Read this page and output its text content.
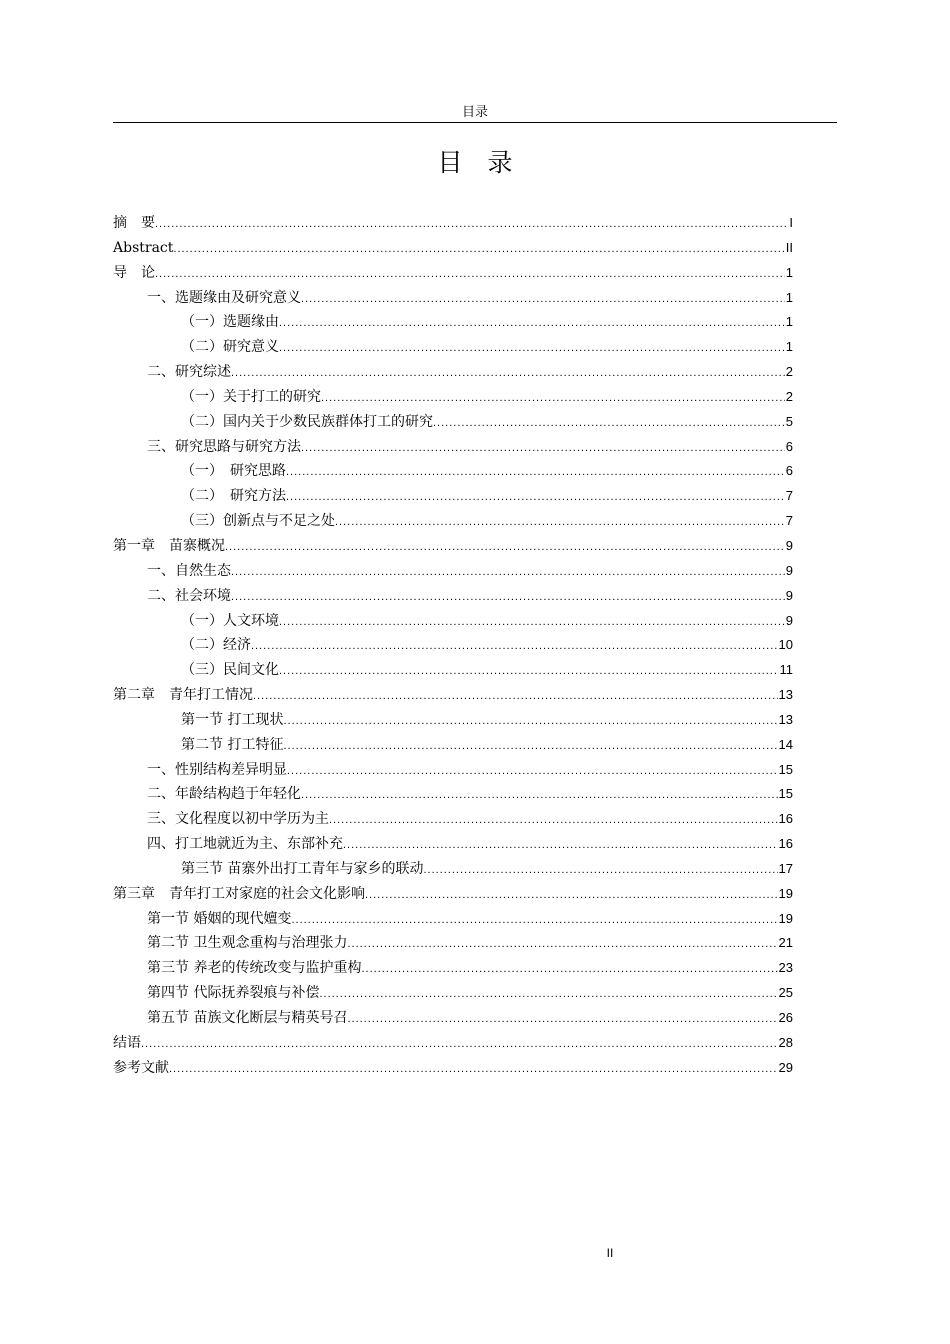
目录
目　录
摘　要 .....	I
Abstract .....	II
导　论 .....	1
一、选题缘由及研究意义 .....	1
（一）选题缘由 .....	1
（二）研究意义 .....	1
二、研究综述 .....	2
（一）关于打工的研究 .....	2
（二）国内关于少数民族群体打工的研究 .....	5
三、研究思路与研究方法 .....	6
（一）　研究思路 .....	6
（二）　研究方法 .....	7
（三）创新点与不足之处 .....	7
第一章　苗寨概况 .....	9
一、自然生态 .....	9
二、社会环境 .....	9
（一）人文环境 .....	9
（二）经济 .....	10
（三）民间文化 .....	11
第二章　青年打工情况 .....	13
第一节 打工现状 .....	13
第二节 打工特征 .....	14
一、性别结构差异明显 .....	15
二、年龄结构趋于年轻化 .....	15
三、文化程度以初中学历为主 .....	16
四、打工地就近为主、东部补充 .....	16
第三节 苗寨外出打工青年与家乡的联动 .....	17
第三章　青年打工对家庭的社会文化影响 .....	19
第一节 婚姻的现代嬗变 .....	19
第二节 卫生观念重构与治理张力 .....	21
第三节 养老的传统改变与监护重构 .....	23
第四节 代际抚养裂痕与补偿 .....	25
第五节 苗族文化断层与精英号召 .....	26
结语 .....	28
参考文献 .....	29
II
